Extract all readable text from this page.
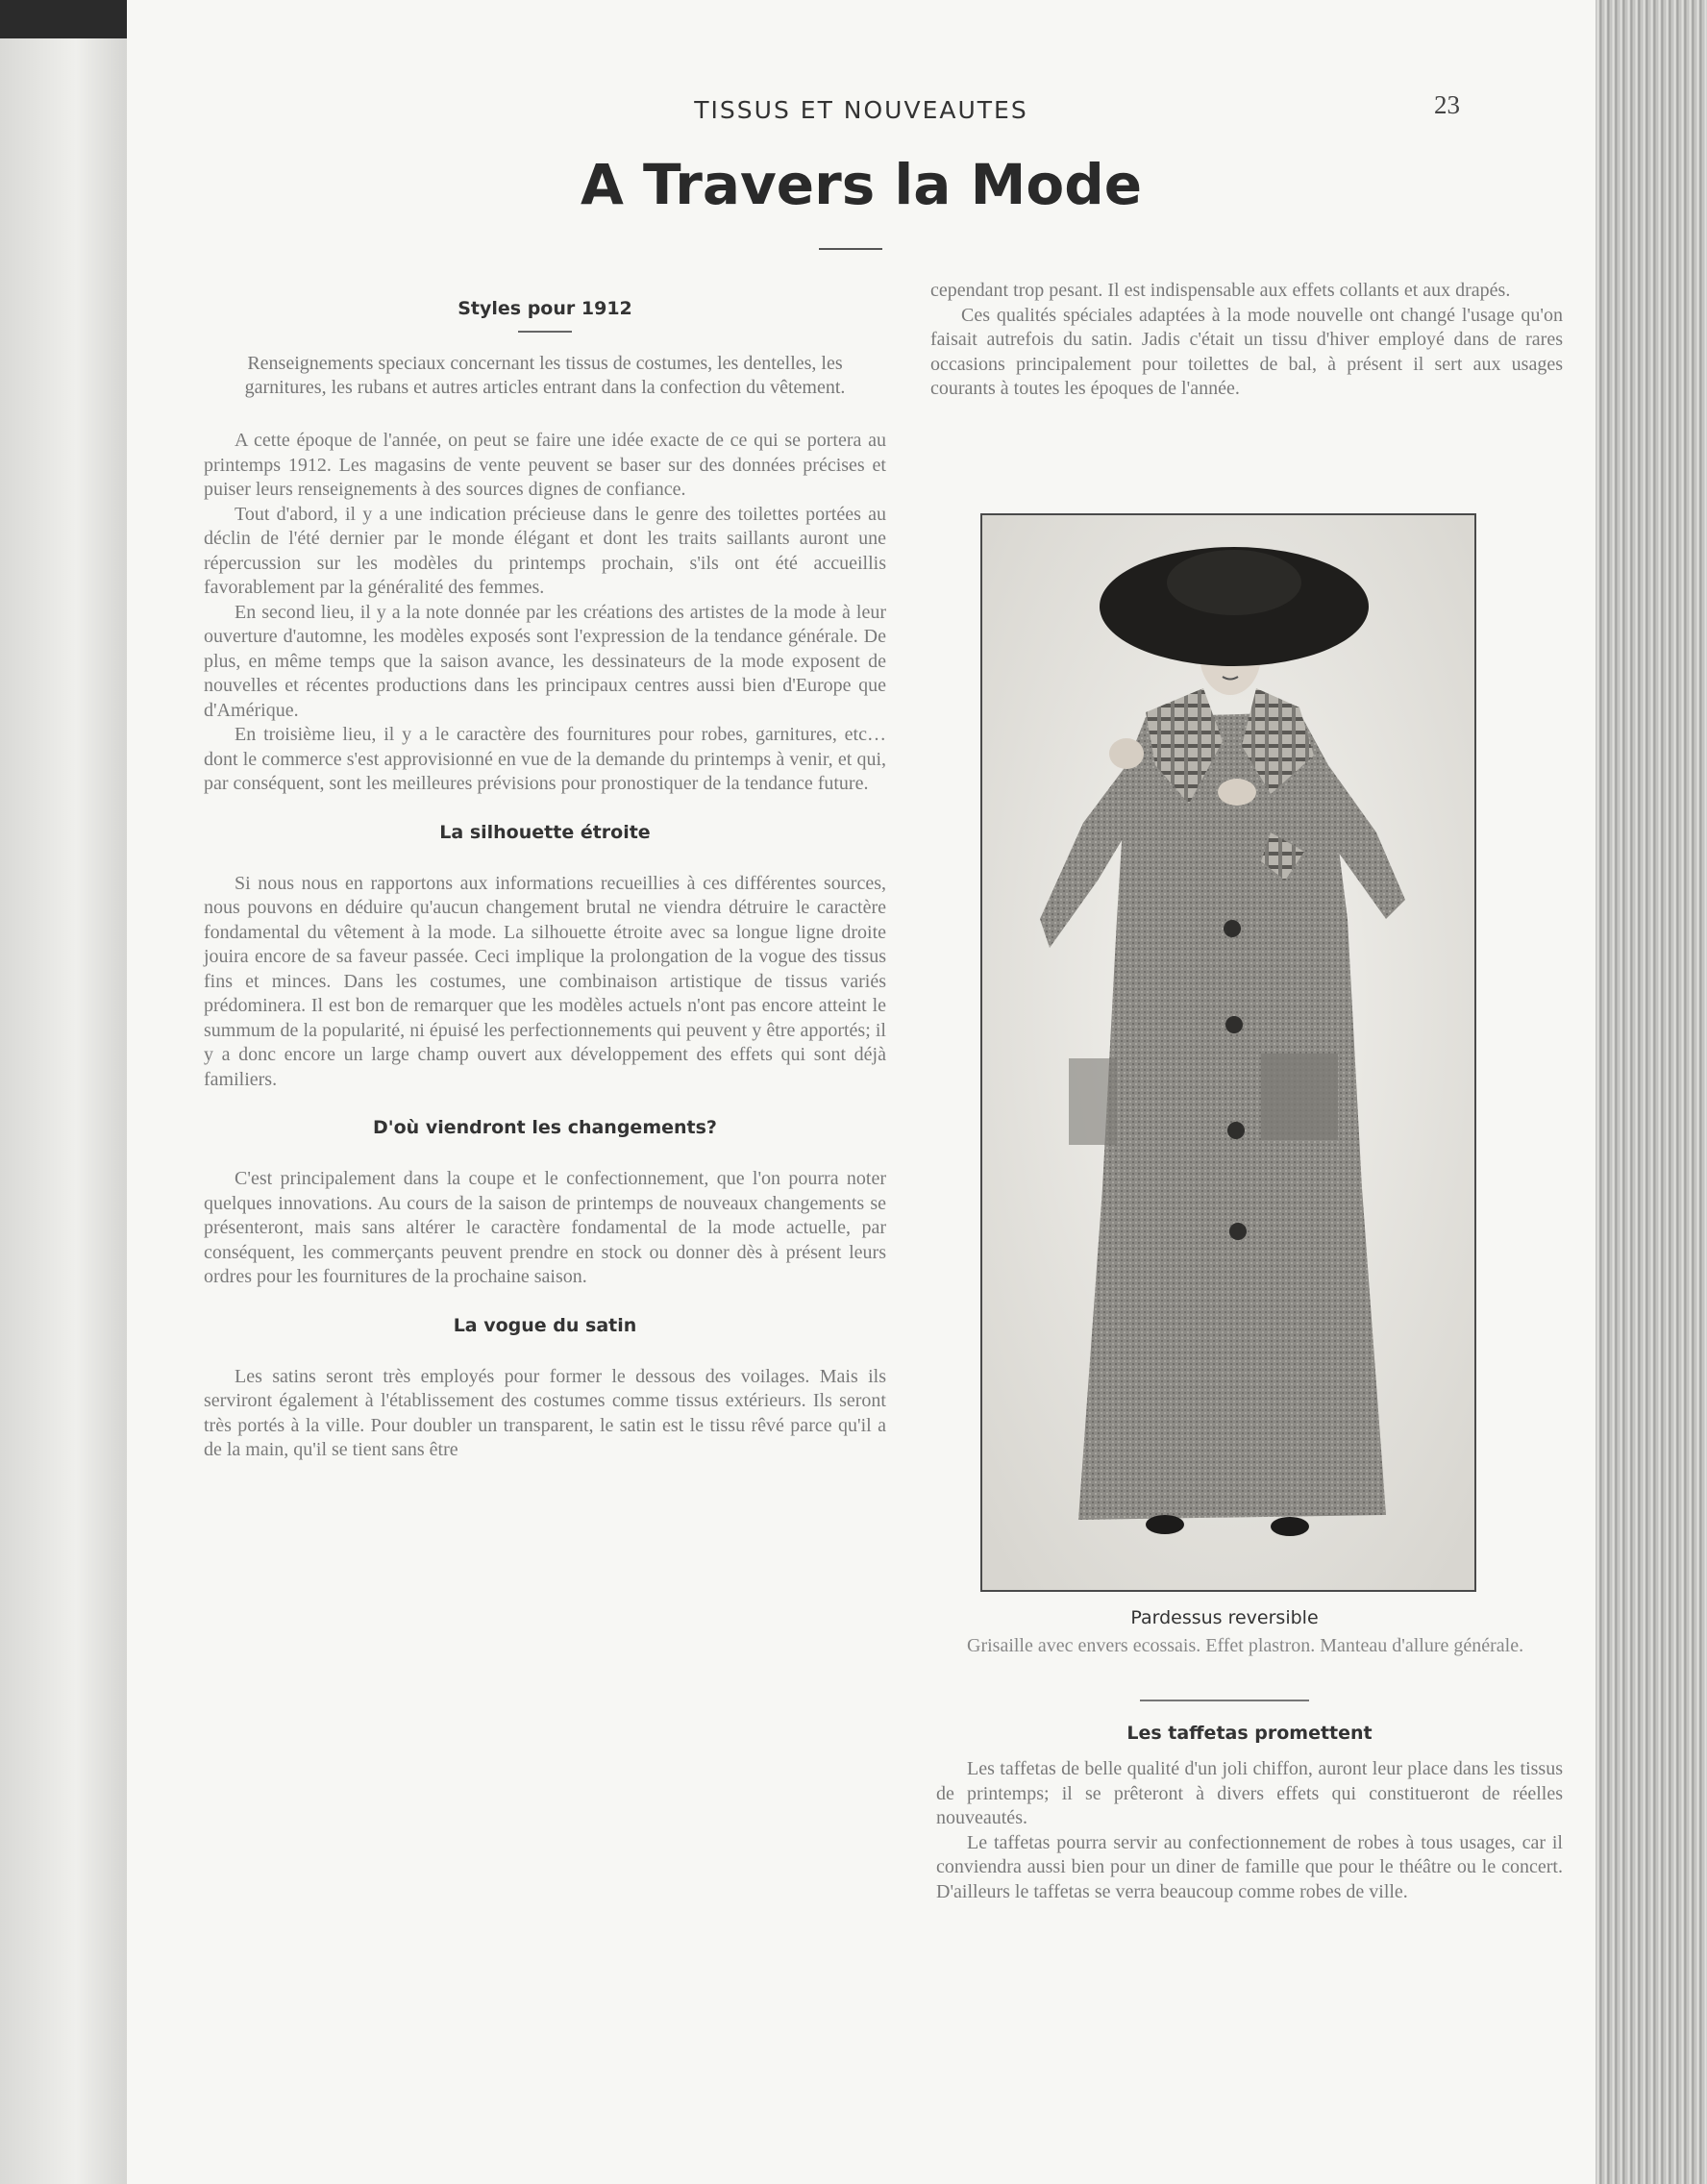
TISSUS ET NOUVEAUTES	23
A Travers la Mode
Styles pour 1912

Renseignements speciaux concernant les tissus de costumes, les dentelles, les garnitures, les rubans et autres articles entrant dans la confection du vêtement.

A cette époque de l'année, on peut se faire une idée exacte de ce qui se portera au printemps 1912. Les magasins de vente peuvent se baser sur des données précises et puiser leurs renseignements à des sources dignes de confiance.

Tout d'abord, il y a une indication précieuse dans le genre des toilettes portées au déclin de l'été dernier par le monde élégant et dont les traits saillants auront une répercussion sur les modèles du printemps prochain, s'ils ont été accueillis favorablement par la généralité des femmes.

En second lieu, il y a la note donnée par les créations des artistes de la mode à leur ouverture d'automne, les modèles exposés sont l'expression de la tendance générale. De plus, en même temps que la saison avance, les dessinateurs de la mode exposent de nouvelles et récentes productions dans les principaux centres aussi bien d'Europe que d'Amérique.

En troisième lieu, il y a le caractère des fournitures pour robes, garnitures, etc… dont le commerce s'est approvisionné en vue de la demande du printemps à venir, et qui, par conséquent, sont les meilleures prévisions pour pronostiquer de la tendance future.

La silhouette étroite

Si nous nous en rapportons aux informations recueillies à ces différentes sources, nous pouvons en déduire qu'aucun changement brutal ne viendra détruire le caractère fondamental du vêtement à la mode. La silhouette étroite avec sa longue ligne droite jouira encore de sa faveur passée. Ceci implique la prolongation de la vogue des tissus fins et minces. Dans les costumes, une combinaison artistique de tissus variés prédominera. Il est bon de remarquer que les modèles actuels n'ont pas encore atteint le summum de la popularité, ni épuisé les perfectionnements qui peuvent y être apportés; il y a donc encore un large champ ouvert aux développement des effets qui sont déjà familiers.

D'où viendront les changements?

C'est principalement dans la coupe et le confectionnement, que l'on pourra noter quelques innovations. Au cours de la saison de printemps de nouveaux changements se présenteront, mais sans altérer le caractère fondamental de la mode actuelle, par conséquent, les commerçants peuvent prendre en stock ou donner dès à présent leurs ordres pour les fournitures de la prochaine saison.

La vogue du satin

Les satins seront très employés pour former le dessous des voilages. Mais ils serviront également à l'établissement des costumes comme tissus extérieurs. Ils seront très portés à la ville. Pour doubler un transparent, le satin est le tissu rêvé parce qu'il a de la main, qu'il se tient sans être

cependant trop pesant. Il est indispensable aux effets collants et aux drapés.

Ces qualités spéciales adaptées à la mode nouvelle ont changé l'usage qu'on faisait autrefois du satin. Jadis c'était un tissu d'hiver employé dans de rares occasions principalement pour toilettes de bal, à présent il sert aux usages courants à toutes les époques de l'année.

Pardessus reversible

Grisaille avec envers ecossais. Effet plastron. Manteau d'allure générale.

Les taffetas promettent

Les taffetas de belle qualité d'un joli chiffon, auront leur place dans les tissus de printemps; il se prêteront à divers effets qui constitueront de réelles nouveautés.

Le taffetas pourra servir au confectionnement de robes à tous usages, car il conviendra aussi bien pour un diner de famille que pour le théâtre ou le concert. D'ailleurs le taffetas se verra beaucoup comme robes de ville.
